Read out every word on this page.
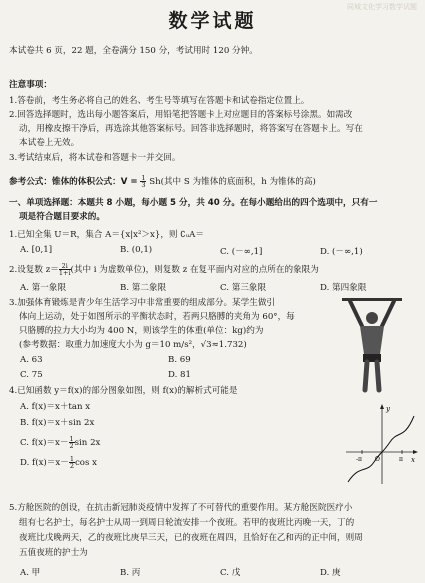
同城文化学习数学试题
数学试题
本试卷共 6 页，22 题，全卷满分 150 分，考试用时 120 分钟。
注意事项：
1.答卷前，考生务必将自己的姓名、考生号等填写在答题卡和试卷指定位置上。
2.回答选择题时，选出每小题答案后，用铅笔把答题卡上对应题目的答案标号涂黑。如需改
动，用橡皮擦干净后，再选涂其他答案标号。回答非选择题时，将答案写在答题卡上。写在
本试卷上无效。
3.考试结束后，将本试卷和答题卡一并交回。
参考公式：锥体的体积公式：$V = \frac{1}{3} Sh$(其中 S 为锥体的底面积，h 为锥体的高)
一、单项选择题：本题共 8 小题，每小题 5 分，共 40 分。在每小题给出的四个选项中，只有一
项是符合题目要求的。
1.已知全集 U＝R，集合 A＝{x|x²＞x}，则 ∁ᵤA＝
A. [0,1]	B. (0,1)	C. (－∞,1]	D. (－∞,1)
2.设复数 $z= \frac{2i}{1+i}$ (其中 i 为虚数单位)，则复数 z 在复平面内对应的点所在的象限为
A. 第一象限	B. 第二象限	C. 第三象限	D. 第四象限
3.加强体育锻炼是青少年生活学习中非常重要的组成部分。某学生做引
体向上运动，处于如图所示的平衡状态时，若两只胳膊的夹角为 60°，每
只胳膊的拉力大小均为 400 N，则该学生的体重(单位：kg)约为
(参考数据：取重力加速度大小为 g＝10 m/s²，√3≈1.732)
A. 63	B. 69
C. 75	D. 81
4.已知函数 y＝f(x)的部分图象如图，则 f(x)的解析式可能是
A. f(x)＝x＋tan x
B. f(x)＝x＋sin 2x
C. $f(x)=x- \frac{1}{2}$ sin 2x
D. $f(x)=x- \frac{1}{2}$ cos x
y
x
O
-π	π
5.方舱医院的创设，在抗击新冠肺炎疫情中发挥了不可替代的重要作用。某方舱医院医疗小
组有七名护士，每名护士从周一到周日轮流安排一个夜班。若甲的夜班比丙晚一天，丁的
夜班比戊晚两天，乙的夜班比庚早三天，已的夜班在周四，且恰好在乙和丙的正中间，则周
五值夜班的护士为
A. 甲	B. 丙	C. 戊	D. 庚
